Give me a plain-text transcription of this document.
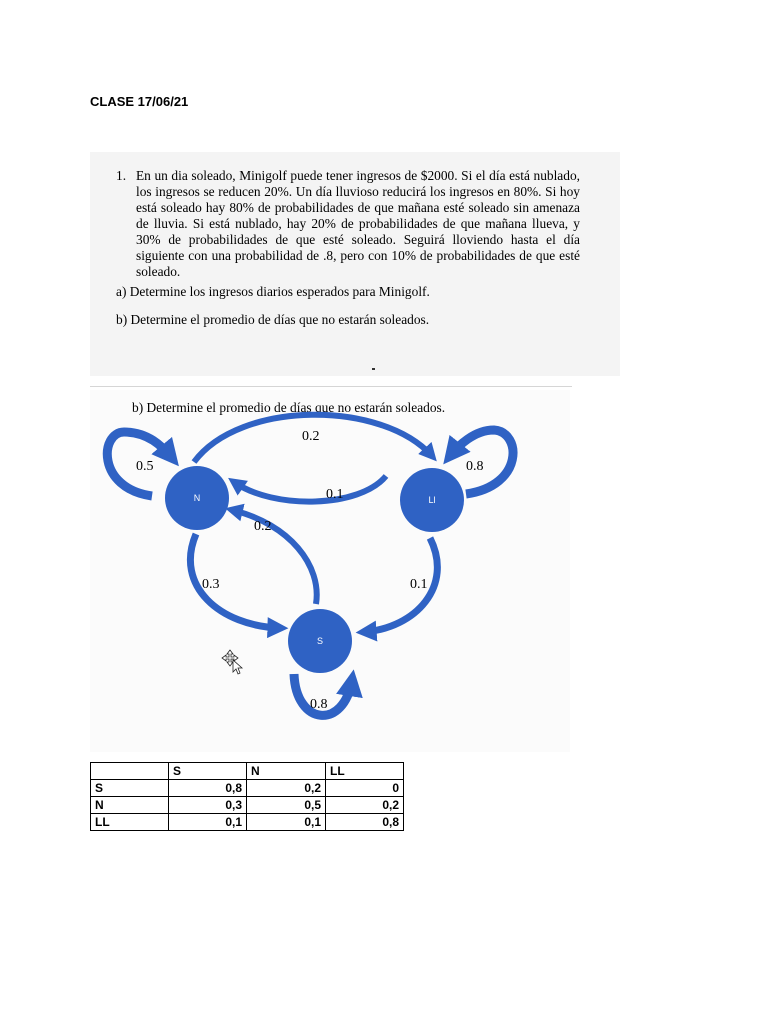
CLASE 17/06/21
1. En un dia soleado, Minigolf puede tener ingresos de $2000. Si el día está nublado, los ingresos se reducen 20%. Un día lluvioso reducirá los ingresos en 80%. Si hoy está soleado hay 80% de probabilidades de que mañana esté soleado sin amenaza de lluvia. Si está nublado, hay 20% de probabilidades de que mañana llueva, y 30% de probabilidades de que esté soleado. Seguirá lloviendo hasta el día siguiente con una probabilidad de .8, pero con 10% de probabilidades de que esté soleado.
a) Determine los ingresos diarios esperados para Minigolf.
b) Determine el promedio de días que no estarán soleados.
b) Determine el promedio de días que no estarán soleados.
N	Ll
S
0.5	0.8
0.2
0.1
0.2
0.3	0.1
0.8
	S	N	LL
S	0,8	0,2	0
N	0,3	0,5	0,2
LL	0,1	0,1	0,8
